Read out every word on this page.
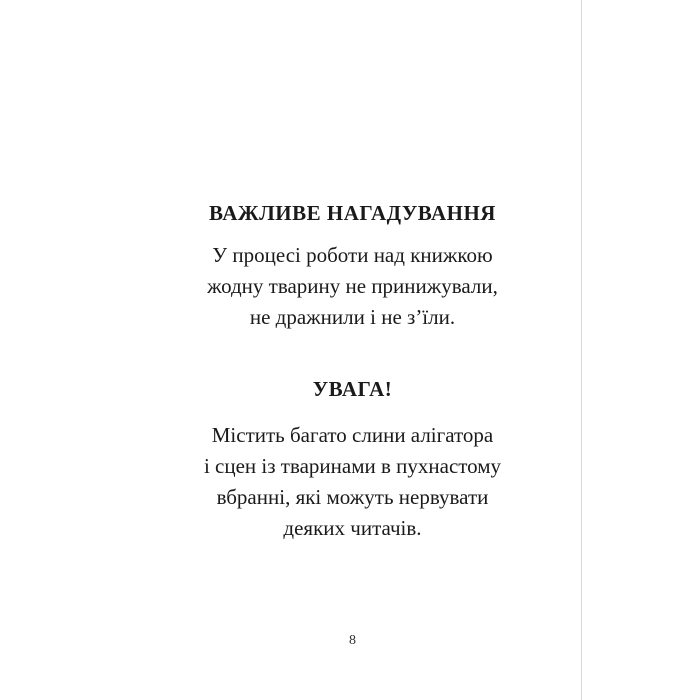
ВАЖЛИВЕ НАГАДУВАННЯ
У процесі роботи над книжкою
жодну тварину не принижували,
не дражнили і не з’їли.
УВАГА!
Містить багато слини алігатора
і сцен із тваринами в пухнастому
вбранні, які можуть нервувати
деяких читачів.
8
